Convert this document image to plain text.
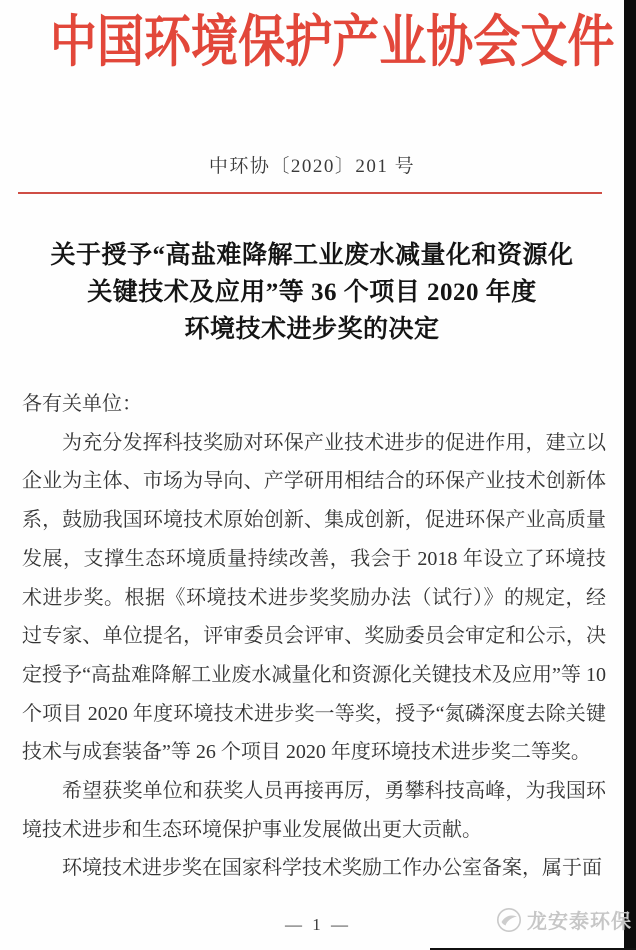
中国环境保护产业协会文件
中环协〔2020〕201 号
关于授予“高盐难降解工业废水减量化和资源化
关键技术及应用”等 36 个项目 2020 年度
环境技术进步奖的决定

各有关单位：

为充分发挥科技奖励对环保产业技术进步的促进作用，建立以企业为主体、市场为导向、产学研用相结合的环保产业技术创新体系，鼓励我国环境技术原始创新、集成创新，促进环保产业高质量发展，支撑生态环境质量持续改善，我会于 2018 年设立了环境技术进步奖。根据《环境技术进步奖奖励办法（试行）》的规定，经过专家、单位提名，评审委员会评审、奖励委员会审定和公示，决定授予“高盐难降解工业废水减量化和资源化关键技术及应用”等 10 个项目 2020 年度环境技术进步奖一等奖，授予“氮磷深度去除关键技术与成套装备”等 26 个项目 2020 年度环境技术进步奖二等奖。

希望获奖单位和获奖人员再接再厉，勇攀科技高峰，为我国环境技术进步和生态环境保护事业发展做出更大贡献。

环境技术进步奖在国家科学技术奖励工作办公室备案，属于面

龙安泰环保
— 1 —
